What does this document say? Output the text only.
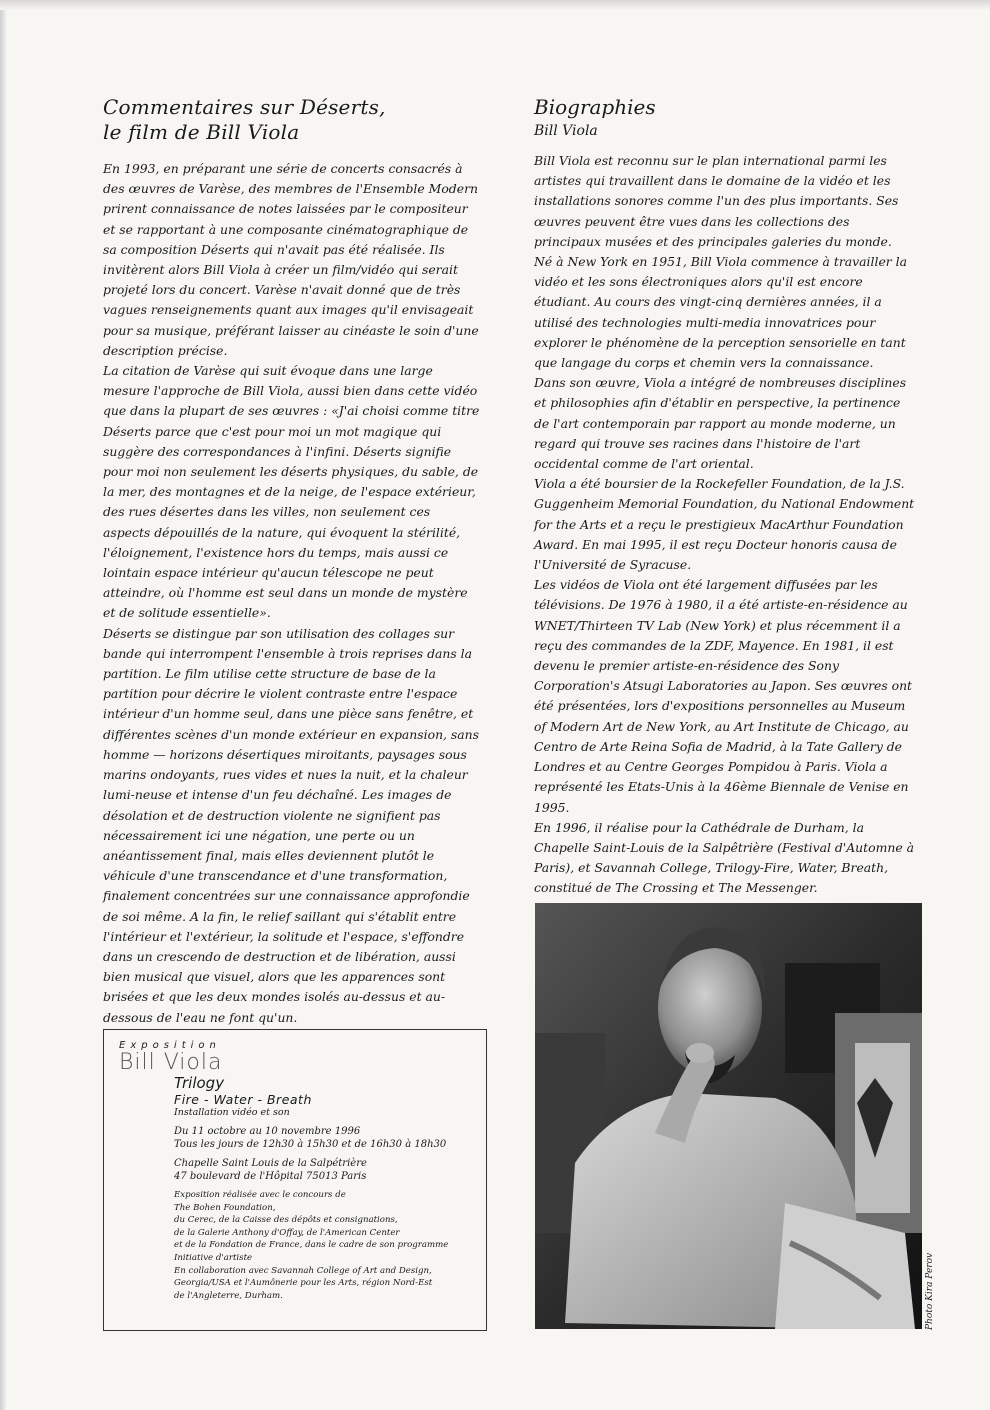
Commentaires sur Déserts,
le film de Bill Viola

En 1993, en préparant une série de concerts consacrés à des œuvres de Varèse, des membres de l'Ensemble Modern prirent connaissance de notes laissées par le compositeur et se rapportant à une composante cinématographique de sa composition Déserts qui n'avait pas été réalisée. Ils invitèrent alors Bill Viola à créer un film/vidéo qui serait projeté lors du concert. Varèse n'avait donné que de très vagues renseignements quant aux images qu'il envisageait pour sa musique, préférant laisser au cinéaste le soin d'une description précise.

La citation de Varèse qui suit évoque dans une large mesure l'approche de Bill Viola, aussi bien dans cette vidéo que dans la plupart de ses œuvres : «J'ai choisi comme titre Déserts parce que c'est pour moi un mot magique qui suggère des correspondances à l'infini. Déserts signifie pour moi non seulement les déserts physiques, du sable, de la mer, des montagnes et de la neige, de l'espace extérieur, des rues désertes dans les villes, non seulement ces aspects dépouillés de la nature, qui évoquent la stérilité, l'éloignement, l'existence hors du temps, mais aussi ce lointain espace intérieur qu'aucun télescope ne peut atteindre, où l'homme est seul dans un monde de mystère et de solitude essentielle».

Déserts se distingue par son utilisation des collages sur bande qui interrompent l'ensemble à trois reprises dans la partition. Le film utilise cette structure de base de la partition pour décrire le violent contraste entre l'espace intérieur d'un homme seul, dans une pièce sans fenêtre, et différentes scènes d'un monde extérieur en expansion, sans homme — horizons désertiques miroitants, paysages sous marins ondoyants, rues vides et nues la nuit, et la chaleur lumi-neuse et intense d'un feu déchaîné. Les images de désolation et de destruction violente ne signifient pas nécessairement ici une négation, une perte ou un anéantissement final, mais elles deviennent plutôt le véhicule d'une transcendance et d'une transformation, finalement concentrées sur une connaissance approfondie de soi même. A la fin, le relief saillant qui s'établit entre l'intérieur et l'extérieur, la solitude et l'espace, s'effondre dans un crescendo de destruction et de libération, aussi bien musical que visuel, alors que les apparences sont brisées et que les deux mondes isolés au-dessus et au-dessous de l'eau ne font qu'un.

Exposition
Bill Viola
Trilogy
Fire - Water - Breath
Installation vidéo et son
Du 11 octobre au 10 novembre 1996
Tous les jours de 12h30 à 15h30 et de 16h30 à 18h30
Chapelle Saint Louis de la Salpétrière
47 boulevard de l'Hôpital 75013 Paris
Exposition réalisée avec le concours de
The Bohen Foundation,
du Cerec, de la Caisse des dépôts et consignations,
de la Galerie Anthony d'Offay, de l'American Center
et de la Fondation de France, dans le cadre de son programme
Initiative d'artiste
En collaboration avec Savannah College of Art and Design,
Georgia/USA et l'Aumônerie pour les Arts, région Nord-Est
de l'Angleterre, Durham.
Biographies
Bill Viola

Bill Viola est reconnu sur le plan international parmi les artistes qui travaillent dans le domaine de la vidéo et les installations sonores comme l'un des plus importants. Ses œuvres peuvent être vues dans les collections des principaux musées et des principales galeries du monde.

Né à New York en 1951, Bill Viola commence à travailler la vidéo et les sons électroniques alors qu'il est encore étudiant. Au cours des vingt-cinq dernières années, il a utilisé des technologies multi-media innovatrices pour explorer le phénomène de la perception sensorielle en tant que langage du corps et chemin vers la connaissance.

Dans son œuvre, Viola a intégré de nombreuses disciplines et philosophies afin d'établir en perspective, la pertinence de l'art contemporain par rapport au monde moderne, un regard qui trouve ses racines dans l'histoire de l'art occidental comme de l'art oriental.

Viola a été boursier de la Rockefeller Foundation, de la J.S. Guggenheim Memorial Foundation, du National Endowment for the Arts et a reçu le prestigieux MacArthur Foundation Award. En mai 1995, il est reçu Docteur honoris causa de l'Université de Syracuse.

Les vidéos de Viola ont été largement diffusées par les télévisions. De 1976 à 1980, il a été artiste-en-résidence au WNET/Thirteen TV Lab (New York) et plus récemment il a reçu des commandes de la ZDF, Mayence. En 1981, il est devenu le premier artiste-en-résidence des Sony Corporation's Atsugi Laboratories au Japon. Ses œuvres ont été présentées, lors d'expositions personnelles au Museum of Modern Art de New York, au Art Institute de Chicago, au Centro de Arte Reina Sofia de Madrid, à la Tate Gallery de Londres et au Centre Georges Pompidou à Paris. Viola a représenté les Etats-Unis à la 46ème Biennale de Venise en 1995.

En 1996, il réalise pour la Cathédrale de Durham, la Chapelle Saint-Louis de la Salpêtrière (Festival d'Automne à Paris), et Savannah College, Trilogy-Fire, Water, Breath, constitué de The Crossing et The Messenger.

Photo Kira Perov
